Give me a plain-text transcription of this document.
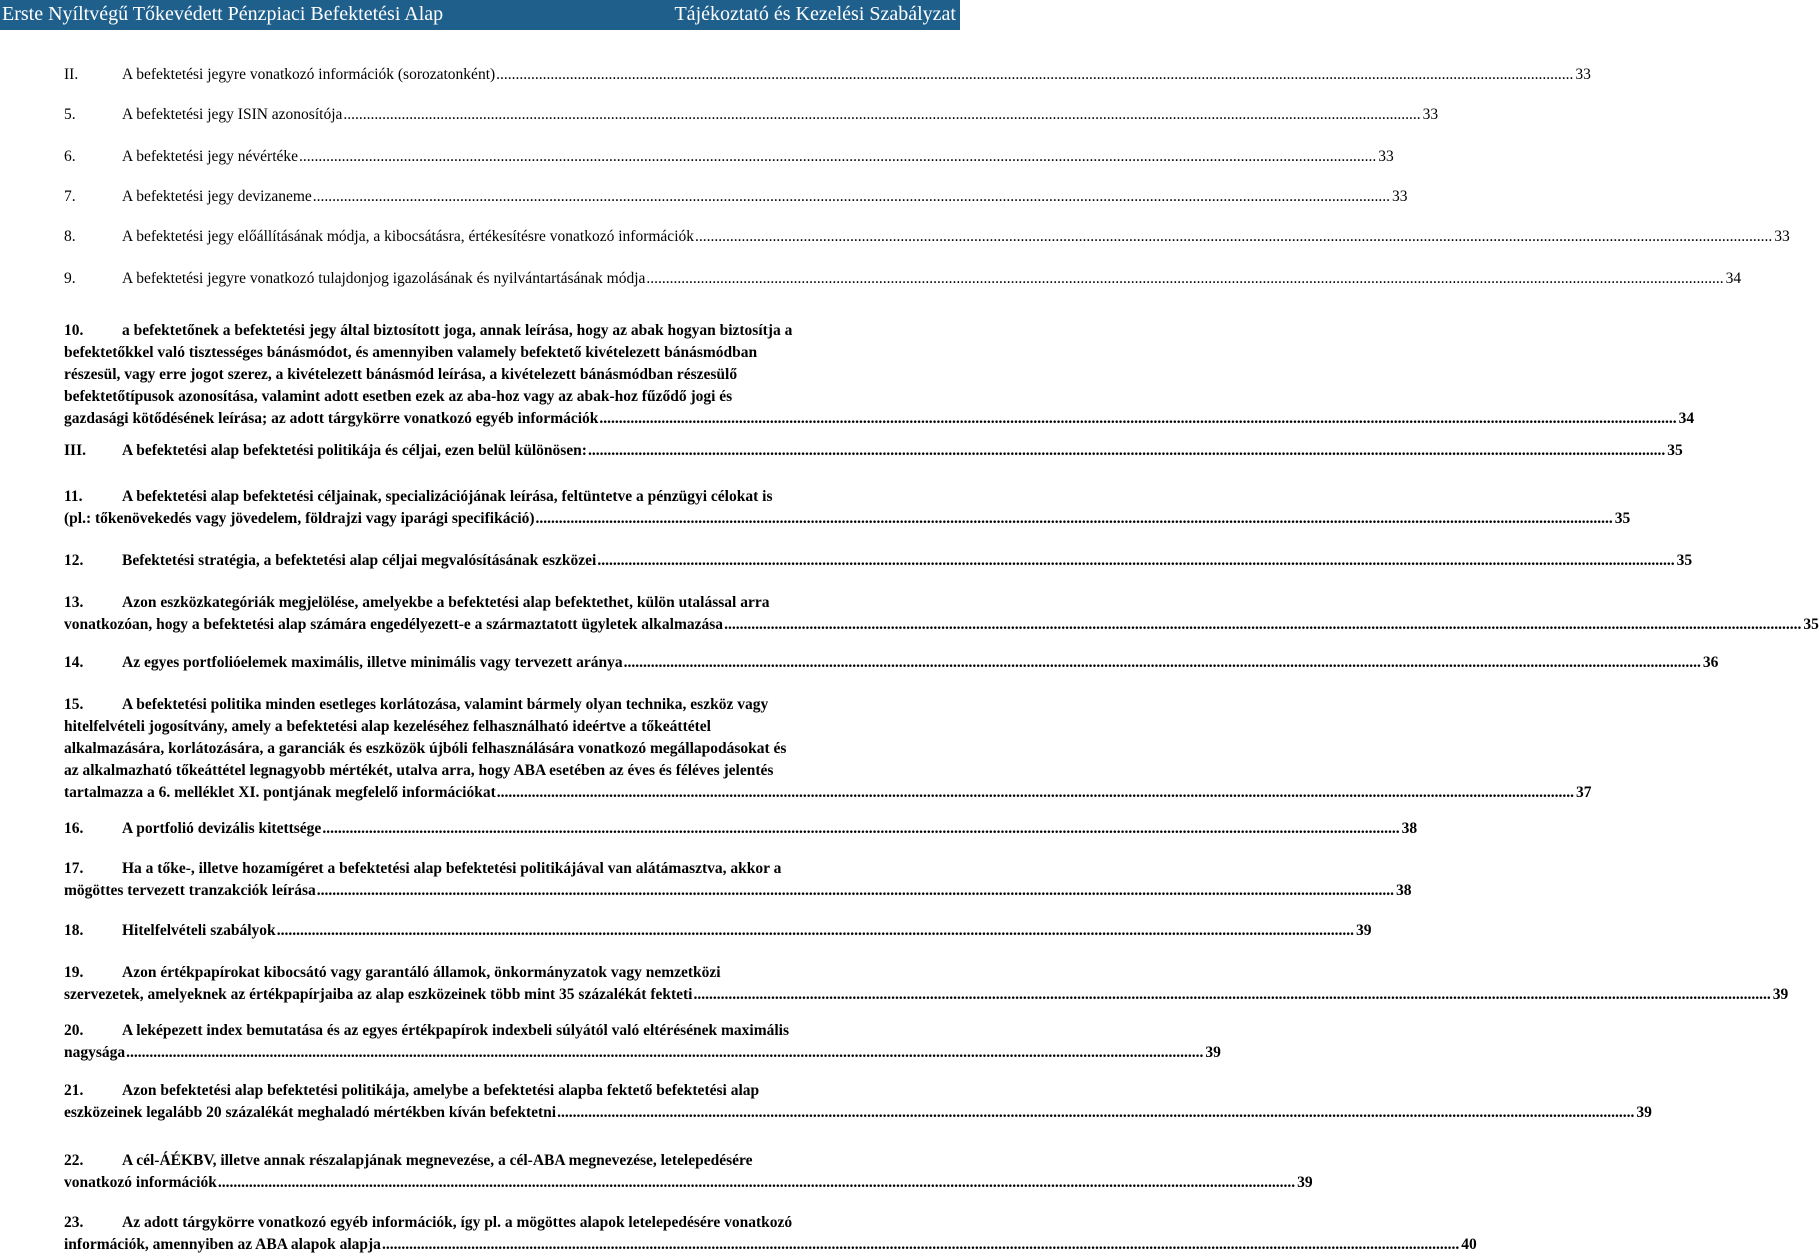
Erste Nyíltvégű Tőkevédett Pénzpiaci Befektetési Alap	Tájékoztató és Kezelési Szabályzat
II.	A befektetési jegyre vonatkozó információk (sorozatonként) .....	33
5.	A befektetési jegy ISIN azonosítója .....	33
6.	A befektetési jegy névértéke .....	33
7.	A befektetési jegy devizaneme .....	33
8.	A befektetési jegy előállításának módja, a kibocsátásra, értékesítésre vonatkozó információk .....	33
9.	A befektetési jegyre vonatkozó tulajdonjog igazolásának és nyilvántartásának módja .....	34
10. a befektetőnek a befektetési jegy által biztosított joga, annak leírása, hogy az abak hogyan biztosítja a
befektetőkkel való tisztességes bánásmódot, és amennyiben valamely befektető kivételezett bánásmódban
részesül, vagy erre jogot szerez, a kivételezett bánásmód leírása, a kivételezett bánásmódban részesülő
befektetőtípusok azonosítása, valamint adott esetben ezek az aba-hoz vagy az abak-hoz fűződő jogi és
gazdasági kötődésének leírása; az adott tárgykörre vonatkozó egyéb információk .....	34
III. A befektetési alap befektetési politikája és céljai, ezen belül különösen: .....	35
11.	A befektetési alap befektetési céljainak, specializációjának leírása, feltüntetve a pénzügyi célokat is
(pl.: tőkenövekedés vagy jövedelem, földrajzi vagy iparági specifikáció) .....	35
12. Befektetési stratégia, a befektetési alap céljai megvalósításának eszközei .....	35
13. Azon eszközkategóriák megjelölése, amelyekbe a befektetési alap befektethet, külön utalással arra
vonatkozóan, hogy a befektetési alap számára engedélyezett-e a származtatott ügyletek alkalmazása .....	35
14. Az egyes portfolióelemek maximális, illetve minimális vagy tervezett aránya .....	36
15. A befektetési politika minden esetleges korlátozása, valamint bármely olyan technika, eszköz vagy
hitelfelvételi jogosítvány, amely a befektetési alap kezeléséhez felhasználható ideértve a tőkeáttétel
alkalmazására, korlátozására, a garanciák és eszközök újbóli felhasználására vonatkozó megállapodásokat és
az alkalmazható tőkeáttétel legnagyobb mértékét, utalva arra, hogy ABA esetében az éves és féléves jelentés
tartalmazza a 6. melléklet XI. pontjának megfelelő információkat .....	37
16. A portfolió devizális kitettsége .....	38
17. Ha a tőke-, illetve hozamígéret a befektetési alap befektetési politikájával van alátámasztva, akkor a
mögöttes tervezett tranzakciók leírása .....	38
18. Hitelfelvételi szabályok .....	39
19. Azon értékpapírokat kibocsátó vagy garantáló államok, önkormányzatok vagy nemzetközi
szervezetek, amelyeknek az értékpapírjaiba az alap eszközeinek több mint 35 százalékát fekteti .....	39
20. A leképezett index bemutatása és az egyes értékpapírok indexbeli súlyától való eltérésének maximális
nagysága .....	39
21. Azon befektetési alap befektetési politikája, amelybe a befektetési alapba fektető befektetési alap
eszközeinek legalább 20 százalékát meghaladó mértékben kíván befektetni .....	39
22. A cél-ÁÉKBV, illetve annak részalapjának megnevezése, a cél-ABA megnevezése, letelepedésére
vonatkozó információk .....	39
23. Az adott tárgykörre vonatkozó egyéb információk, így pl. a mögöttes alapok letelepedésére vonatkozó
információk, amennyiben az ABA alapok alapja .....	40
